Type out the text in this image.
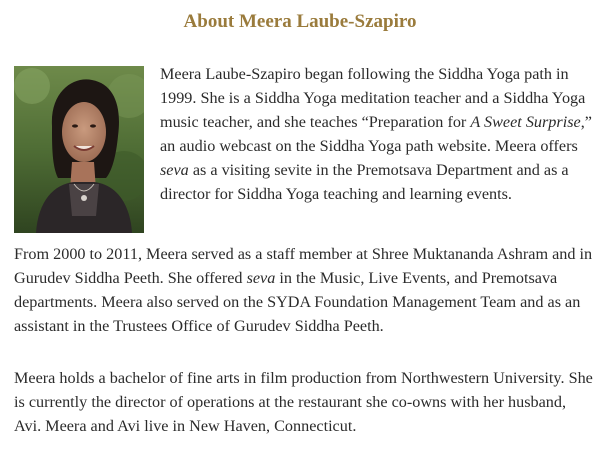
About Meera Laube-Szapiro

Meera Laube-Szapiro began following the Siddha Yoga path in 1999. She is a Siddha Yoga meditation teacher and a Siddha Yoga music teacher, and she teaches “Preparation for A Sweet Surprise,” an audio webcast on the Siddha Yoga path website. Meera offers seva as a visiting sevite in the Premotsava Department and as a director for Siddha Yoga teaching and learning events.

From 2000 to 2011, Meera served as a staff member at Shree Muktananda Ashram and in Gurudev Siddha Peeth. She offered seva in the Music, Live Events, and Premotsava departments. Meera also served on the SYDA Foundation Management Team and as an assistant in the Trustees Office of Gurudev Siddha Peeth.

Meera holds a bachelor of fine arts in film production from Northwestern University. She is currently the director of operations at the restaurant she co-owns with her husband, Avi. Meera and Avi live in New Haven, Connecticut.
